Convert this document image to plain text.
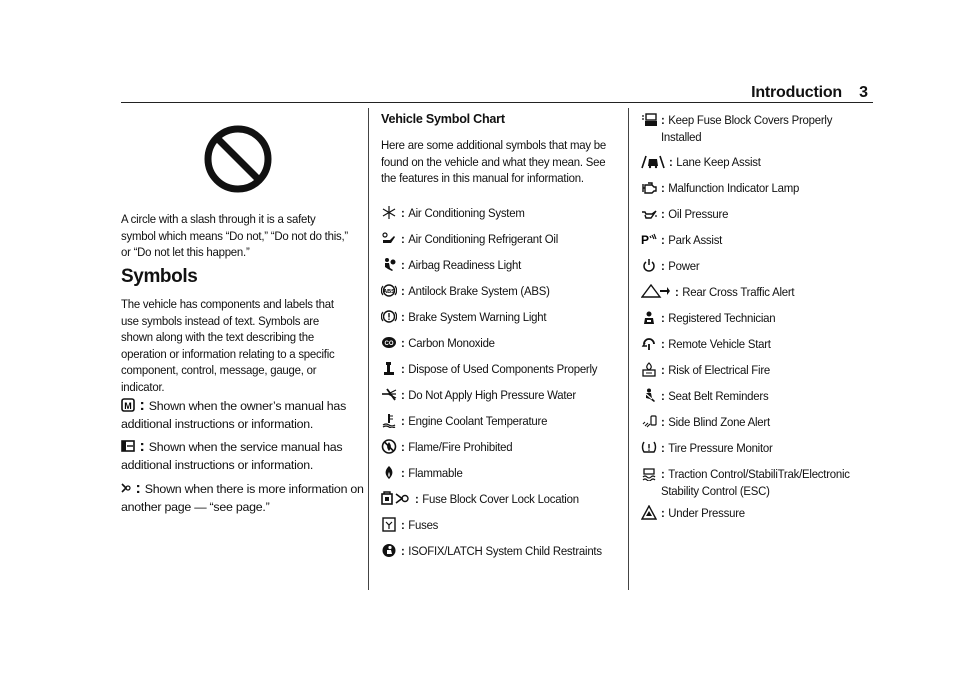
Introduction 3

A circle with a slash through it is a safety symbol which means “Do not,” “Do not do this,” or “Do not let this happen.”

Symbols

The vehicle has components and labels that use symbols instead of text. Symbols are shown along with the text describing the operation or information relating to a specific component, control, message, gauge, or indicator.

M : Shown when the owner’s manual has additional instructions or information.
: Shown when the service manual has additional instructions or information.
: Shown when there is more information on another page — “see page.”

Vehicle Symbol Chart

Here are some additional symbols that may be found on the vehicle and what they mean. See the features in this manual for information.

: Air Conditioning System
: Air Conditioning Refrigerant Oil
: Airbag Readiness Light
ABS : Antilock Brake System (ABS)
: Brake System Warning Light
CO : Carbon Monoxide
: Dispose of Used Components Properly
: Do Not Apply High Pressure Water
: Engine Coolant Temperature
: Flame/Fire Prohibited
: Flammable
: Fuse Block Cover Lock Location
: Fuses
: ISOFIX/LATCH System Child Restraints
: Keep Fuse Block Covers Properly Installed
: Lane Keep Assist
: Malfunction Indicator Lamp
: Oil Pressure
P : Park Assist
: Power
: Rear Cross Traffic Alert
: Registered Technician
: Remote Vehicle Start
: Risk of Electrical Fire
: Seat Belt Reminders
: Side Blind Zone Alert
: Tire Pressure Monitor
: Traction Control/StabiliTrak/Electronic Stability Control (ESC)
: Under Pressure
